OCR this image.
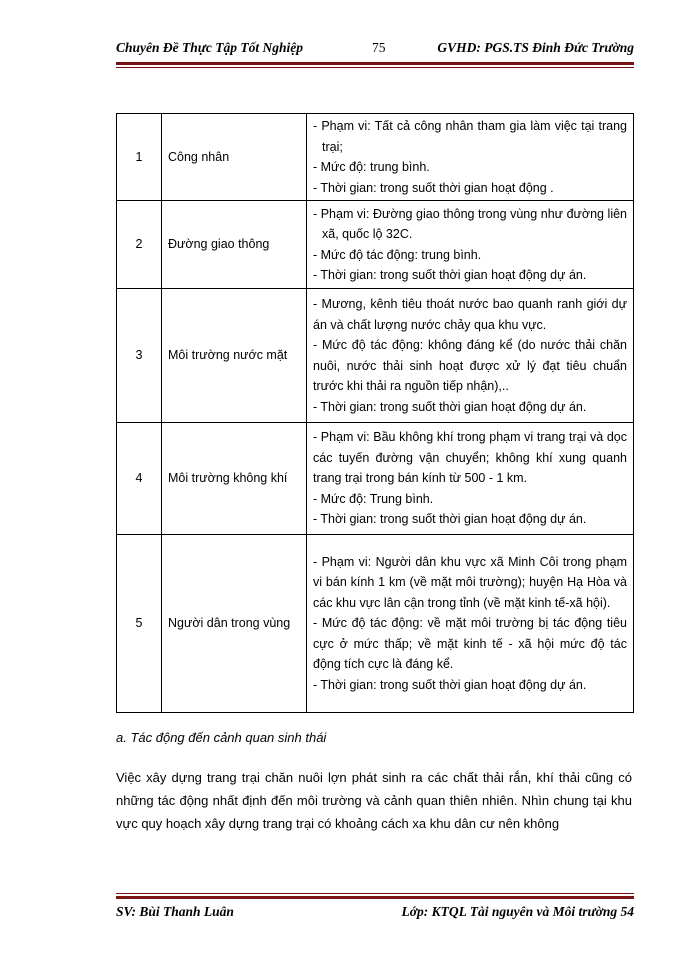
Chuyên Đề Thực Tập Tốt Nghiệp	75	GVHD: PGS.TS Đinh Đức Trường
1	Công nhân	- Phạm vi: Tất cả công nhân tham gia làm việc tại trang trại;
- Mức độ: trung bình.
- Thời gian: trong suốt thời gian hoạt động .

2	Đường giao thông	- Phạm vi: Đường giao thông trong vùng như đường liên xã, quốc lộ 32C.
- Mức độ tác động: trung bình.
- Thời gian: trong suốt thời gian hoạt động dự án.

3	Môi trường nước mặt	- Mương, kênh tiêu thoát nước bao quanh ranh giới dự án và chất lượng nước chảy qua khu vực.
- Mức độ tác động: không đáng kể (do nước thải chăn nuôi, nước thải sinh hoạt được xử lý đạt tiêu chuẩn trước khi thải ra nguồn tiếp nhận),..
- Thời gian: trong suốt thời gian hoạt động dự án.

4	Môi trường không khí	- Phạm vi: Bầu không khí trong phạm vi trang trại và dọc các tuyến đường vận chuyển; không khí xung quanh trang trại trong bán kính từ 500 - 1 km.
- Mức độ: Trung bình.
- Thời gian: trong suốt thời gian hoạt động dự án.

5	Người dân trong vùng	- Phạm vi: Người dân khu vực xã Minh Côi trong phạm vi bán kính 1 km (về mặt môi trường); huyện Hạ Hòa và các khu vực lân cận trong tỉnh (về mặt kinh tế-xã hội).
- Mức độ tác động: về mặt môi trường bị tác động tiêu cực ở mức thấp; về mặt kinh tế - xã hội mức độ tác động tích cực là đáng kể.
- Thời gian: trong suốt thời gian hoạt động dự án.
a. Tác động đến cảnh quan sinh thái
Việc xây dựng trang trại chăn nuôi lợn phát sinh ra các chất thải rắn, khí thải cũng có những tác động nhất định đến môi trường và cảnh quan thiên nhiên. Nhìn chung tại khu vực quy hoạch xây dựng trang trại có khoảng cách xa khu dân cư nên không
SV: Bùi Thanh Luân	Lớp: KTQL Tài nguyên và Môi trường 54
